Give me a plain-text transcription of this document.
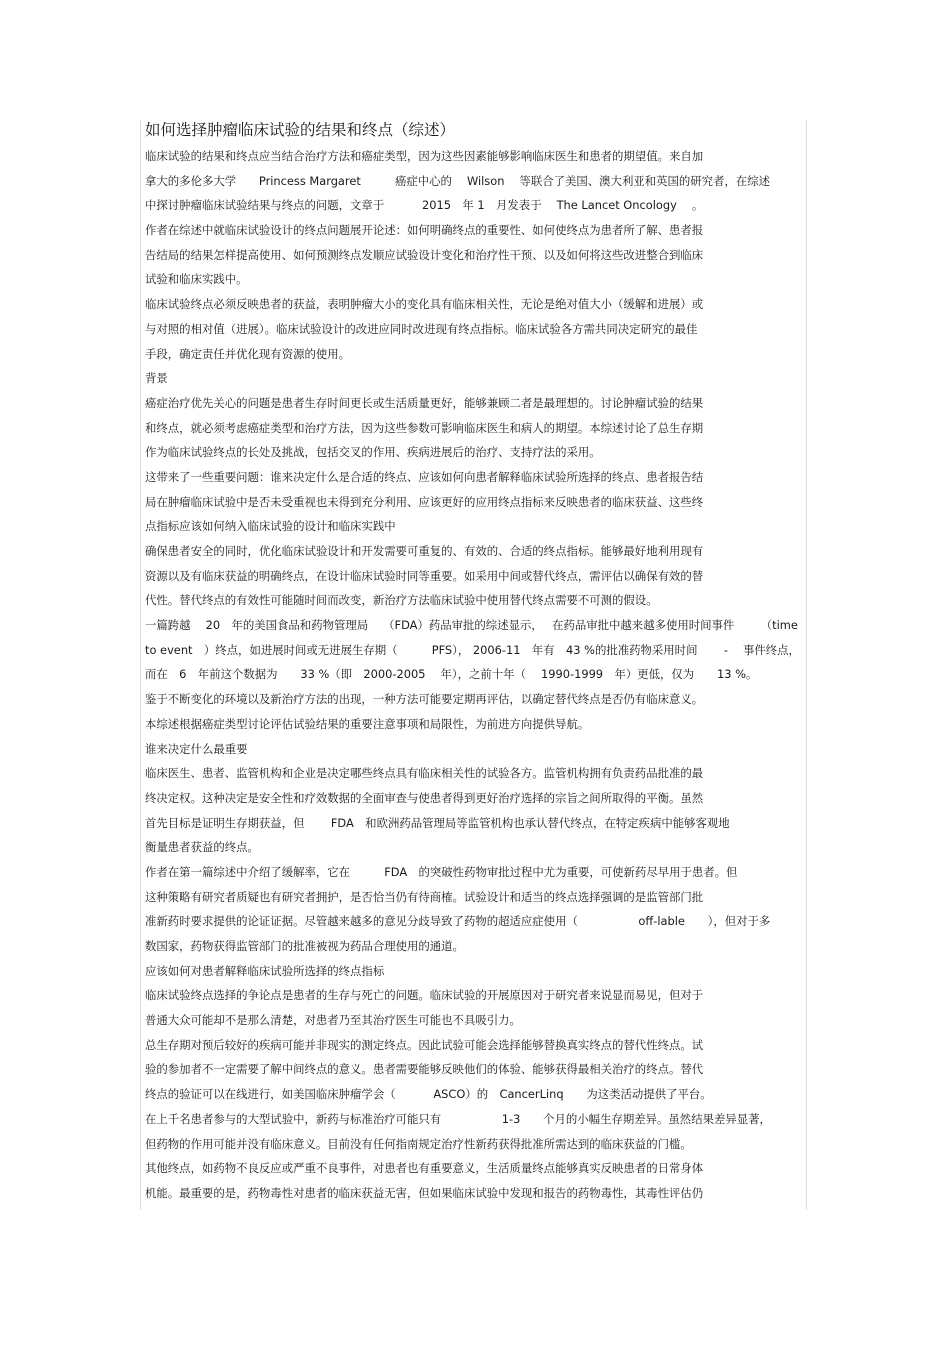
如何选择肿瘤临床试验的结果和终点（综述）
临床试验的结果和终点应当结合治疗方法和癌症类型，因为这些因素能够影响临床医生和患者的期望值。来自加
拿大的多伦多大学　　Princess Margaret　　　癌症中心的　 Wilson　 等联合了美国、澳大利亚和英国的研究者，在综述
中探讨肿瘤临床试验结果与终点的问题，文章于　　　 2015　年 1　月发表于　 The Lancet Oncology　 。
作者在综述中就临床试验设计的终点问题展开论述：如何明确终点的重要性、如何使终点为患者所了解、患者报
告结局的结果怎样提高使用、如何预测终点发顺应试验设计变化和治疗性干预、以及如何将这些改进整合到临床
试验和临床实践中。
临床试验终点必须反映患者的获益，表明肿瘤大小的变化具有临床相关性，无论是绝对值大小（缓解和进展）或
与对照的相对值（进展）。临床试验设计的改进应同时改进现有终点指标。临床试验各方需共同决定研究的最佳
手段，确定责任并优化现有资源的使用。
背景
癌症治疗优先关心的问题是患者生存时间更长或生活质量更好，能够兼顾二者是最理想的。讨论肿瘤试验的结果
和终点，就必须考虑癌症类型和治疗方法，因为这些参数可影响临床医生和病人的期望。本综述讨论了总生存期
作为临床试验终点的长处及挑战，包括交叉的作用、疾病进展后的治疗、支持疗法的采用。
这带来了一些重要问题：谁来决定什么是合适的终点、应该如何向患者解释临床试验所选择的终点、患者报告结
局在肿瘤临床试验中是否未受重视也未得到充分利用、应该更好的应用终点指标来反映患者的临床获益、这些终
点指标应该如何纳入临床试验的设计和临床实践中
确保患者安全的同时，优化临床试验设计和开发需要可重复的、有效的、合适的终点指标。能够最好地利用现有
资源以及有临床获益的明确终点，在设计临床试验时同等重要。如采用中间或替代终点，需评估以确保有效的替
代性。替代终点的有效性可能随时间而改变，新治疗方法临床试验中使用替代终点需要不可测的假设。
一篇跨越　 20　年的美国食品和药物管理局　 （FDA）药品审批的综述显示，　 在药品审批中越来越多使用时间事件　　 （time
to event　）终点，如进展时间或无进展生存期（　　　PFS）， 2006-11　年有　43 %的批准药物采用时间　　 -　 事件终点，
而在　6　年前这个数据为　　33 %（即　2000-2005　 年），之前十年（　 1990-1999　年）更低，仅为　　13 %。
鉴于不断变化的环境以及新治疗方法的出现，一种方法可能要定期再评估，以确定替代终点是否仍有临床意义。
本综述根据癌症类型讨论评估试验结果的重要注意事项和局限性，为前进方向提供导航。
谁来决定什么最重要
临床医生、患者、监管机构和企业是决定哪些终点具有临床相关性的试验各方。监管机构拥有负责药品批准的最
终决定权。这种决定是安全性和疗效数据的全面审查与使患者得到更好治疗选择的宗旨之间所取得的平衡。虽然
首先目标是证明生存期获益，但　　 FDA　和欧洲药品管理局等监管机构也承认替代终点，在特定疾病中能够客观地
衡量患者获益的终点。
作者在第一篇综述中介绍了缓解率，它在　　　FDA　的突破性药物审批过程中尤为重要，可使新药尽早用于患者。但
这种策略有研究者质疑也有研究者拥护，是否恰当仍有待商榷。试验设计和适当的终点选择强调的是监管部门批
准新药时要求提供的论证证据。尽管越来越多的意见分歧导致了药物的超适应症使用（　　　　　 off-lable　　），但对于多
数国家，药物获得监管部门的批准被视为药品合理使用的通道。
应该如何对患者解释临床试验所选择的终点指标
临床试验终点选择的争论点是患者的生存与死亡的问题。临床试验的开展原因对于研究者来说显而易见，但对于
普通大众可能却不是那么清楚，对患者乃至其治疗医生可能也不具吸引力。
总生存期对预后较好的疾病可能并非现实的测定终点。因此试验可能会选择能够替换真实终点的替代性终点。试
验的参加者不一定需要了解中间终点的意义。患者需要能够反映他们的体验、能够获得最相关治疗的终点。替代
终点的验证可以在线进行，如美国临床肿瘤学会（　　　 ASCO）的　CancerLinq　　为这类活动提供了平台。
在上千名患者参与的大型试验中，新药与标准治疗可能只有　　　　　 1-3　　个月的小幅生存期差异。虽然结果差异显著，
但药物的作用可能并没有临床意义。目前没有任何指南规定治疗性新药获得批准所需达到的临床获益的门槛。
其他终点，如药物不良反应或严重不良事件，对患者也有重要意义，生活质量终点能够真实反映患者的日常身体
机能。最重要的是，药物毒性对患者的临床获益无害，但如果临床试验中发现和报告的药物毒性，其毒性评估仍
